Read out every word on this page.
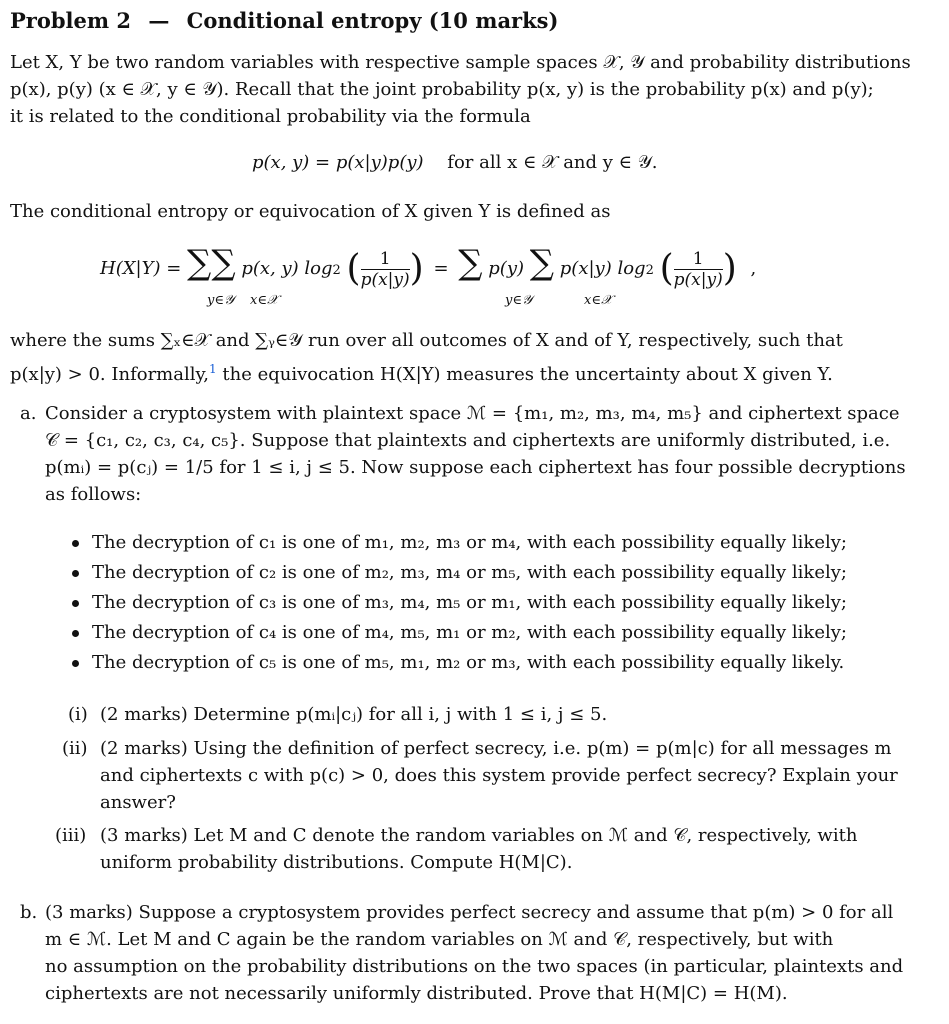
Problem 2 — Conditional entropy (10 marks)
Let X, Y be two random variables with respective sample spaces 𝒳, 𝒴 and probability distributions
p(x), p(y) (x ∈ 𝒳, y ∈ 𝒴). Recall that the joint probability p(x, y) is the probability p(x) and p(y);
it is related to the conditional probability via the formula
p(x, y) = p(x|y)p(y) for all x ∈ 𝒳 and y ∈ 𝒴.
The conditional entropy or equivocation of X given Y is defined as
H(X|Y) = ∑∑ p(x, y) log2 ( $\frac{1}{p(x|y)}$ ) = ∑ p(y) ∑ p(x|y) log2 ( $\frac{1}{p(x|y)}$ ) ,
y∈𝒴 x∈𝒳	y∈𝒴	x∈𝒳
where the sums ∑ₓ∈𝒳 and ∑ᵧ∈𝒴 run over all outcomes of X and of Y, respectively, such that
p(x|y) > 0. Informally,$^1$ the equivocation H(X|Y) measures the uncertainty about X given Y.
a. Consider a cryptosystem with plaintext space ℳ = {m₁, m₂, m₃, m₄, m₅} and ciphertext space
𝒞 = {c₁, c₂, c₃, c₄, c₅}. Suppose that plaintexts and ciphertexts are uniformly distributed, i.e.
p(mᵢ) = p(cⱼ) = 1/5 for 1 ≤ i, j ≤ 5. Now suppose each ciphertext has four possible decryptions
as follows:
The decryption of c₁ is one of m₁, m₂, m₃ or m₄, with each possibility equally likely;
The decryption of c₂ is one of m₂, m₃, m₄ or m₅, with each possibility equally likely;
The decryption of c₃ is one of m₃, m₄, m₅ or m₁, with each possibility equally likely;
The decryption of c₄ is one of m₄, m₅, m₁ or m₂, with each possibility equally likely;
The decryption of c₅ is one of m₅, m₁, m₂ or m₃, with each possibility equally likely.
(i) (2 marks) Determine p(mᵢ|cⱼ) for all i, j with 1 ≤ i, j ≤ 5.
(ii) (2 marks) Using the definition of perfect secrecy, i.e. p(m) = p(m|c) for all messages m
and ciphertexts c with p(c) > 0, does this system provide perfect secrecy? Explain your
answer?
(iii) (3 marks) Let M and C denote the random variables on ℳ and 𝒞, respectively, with
uniform probability distributions. Compute H(M|C).
b. (3 marks) Suppose a cryptosystem provides perfect secrecy and assume that p(m) > 0 for all
m ∈ ℳ. Let M and C again be the random variables on ℳ and 𝒞, respectively, but with
no assumption on the probability distributions on the two spaces (in particular, plaintexts and
ciphertexts are not necessarily uniformly distributed. Prove that H(M|C) = H(M).
